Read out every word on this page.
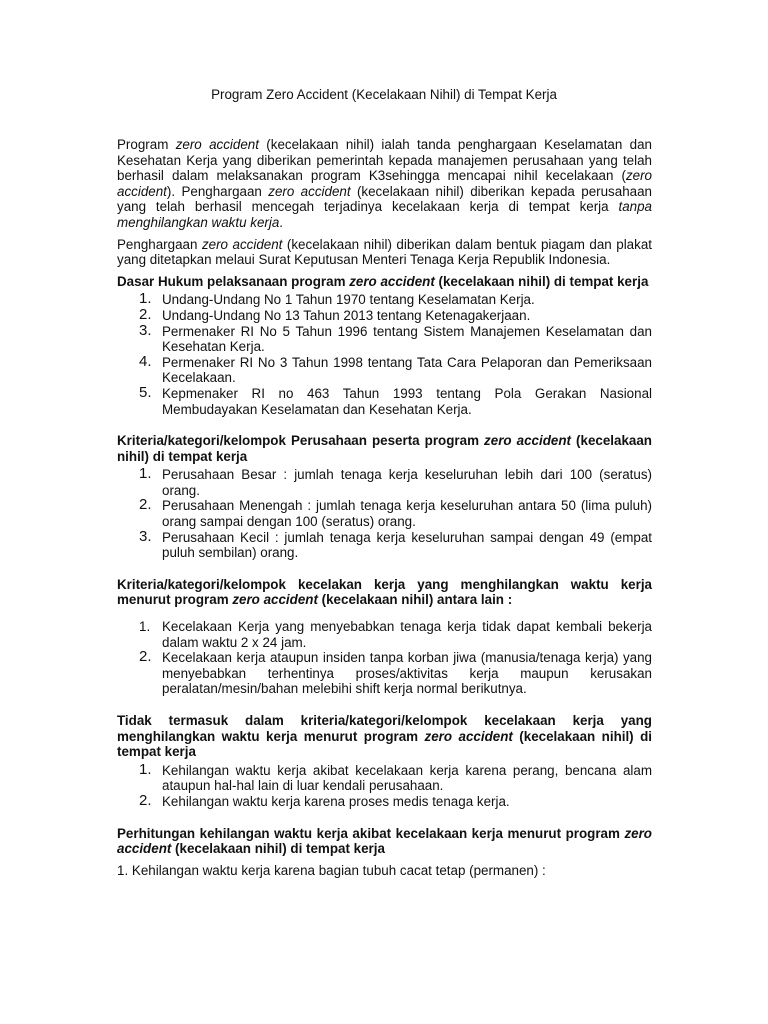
Program Zero Accident (Kecelakaan Nihil) di Tempat Kerja

Program zero accident (kecelakaan nihil) ialah tanda penghargaan Keselamatan dan Kesehatan Kerja yang diberikan pemerintah kepada manajemen perusahaan yang telah berhasil dalam melaksanakan program K3sehingga mencapai nihil kecelakaan (zero accident). Penghargaan zero accident (kecelakaan nihil) diberikan kepada perusahaan yang telah berhasil mencegah terjadinya kecelakaan kerja di tempat kerja tanpa menghilangkan waktu kerja.

Penghargaan zero accident (kecelakaan nihil) diberikan dalam bentuk piagam dan plakat yang ditetapkan melaui Surat Keputusan Menteri Tenaga Kerja Republik Indonesia.

Dasar Hukum pelaksanaan program zero accident (kecelakaan nihil) di tempat kerja
1. Undang-Undang No 1 Tahun 1970 tentang Keselamatan Kerja.
2. Undang-Undang No 13 Tahun 2013 tentang Ketenagakerjaan.
3. Permenaker RI No 5 Tahun 1996 tentang Sistem Manajemen Keselamatan dan Kesehatan Kerja.
4. Permenaker RI No 3 Tahun 1998 tentang Tata Cara Pelaporan dan Pemeriksaan Kecelakaan.
5. Kepmenaker RI no 463 Tahun 1993 tentang Pola Gerakan Nasional Membudayakan Keselamatan dan Kesehatan Kerja.
Kriteria/kategori/kelompok Perusahaan peserta program zero accident (kecelakaan nihil) di tempat kerja
1. Perusahaan Besar : jumlah tenaga kerja keseluruhan lebih dari 100 (seratus) orang.
2. Perusahaan Menengah : jumlah tenaga kerja keseluruhan antara 50 (lima puluh) orang sampai dengan 100 (seratus) orang.
3. Perusahaan Kecil : jumlah tenaga kerja keseluruhan sampai dengan 49 (empat puluh sembilan) orang.
Kriteria/kategori/kelompok kecelakan kerja yang menghilangkan waktu kerja menurut program zero accident (kecelakaan nihil) antara lain :
1. Kecelakaan Kerja yang menyebabkan tenaga kerja tidak dapat kembali bekerja dalam waktu 2 x 24 jam.
2. Kecelakaan kerja ataupun insiden tanpa korban jiwa (manusia/tenaga kerja) yang menyebabkan terhentinya proses/aktivitas kerja maupun kerusakan peralatan/mesin/bahan melebihi shift kerja normal berikutnya.
Tidak termasuk dalam kriteria/kategori/kelompok kecelakaan kerja yang menghilangkan waktu kerja menurut program zero accident (kecelakaan nihil) di tempat kerja
1. Kehilangan waktu kerja akibat kecelakaan kerja karena perang, bencana alam ataupun hal-hal lain di luar kendali perusahaan.
2. Kehilangan waktu kerja karena proses medis tenaga kerja.
Perhitungan kehilangan waktu kerja akibat kecelakaan kerja menurut program zero accident (kecelakaan nihil) di tempat kerja

1. Kehilangan waktu kerja karena bagian tubuh cacat tetap (permanen) :
